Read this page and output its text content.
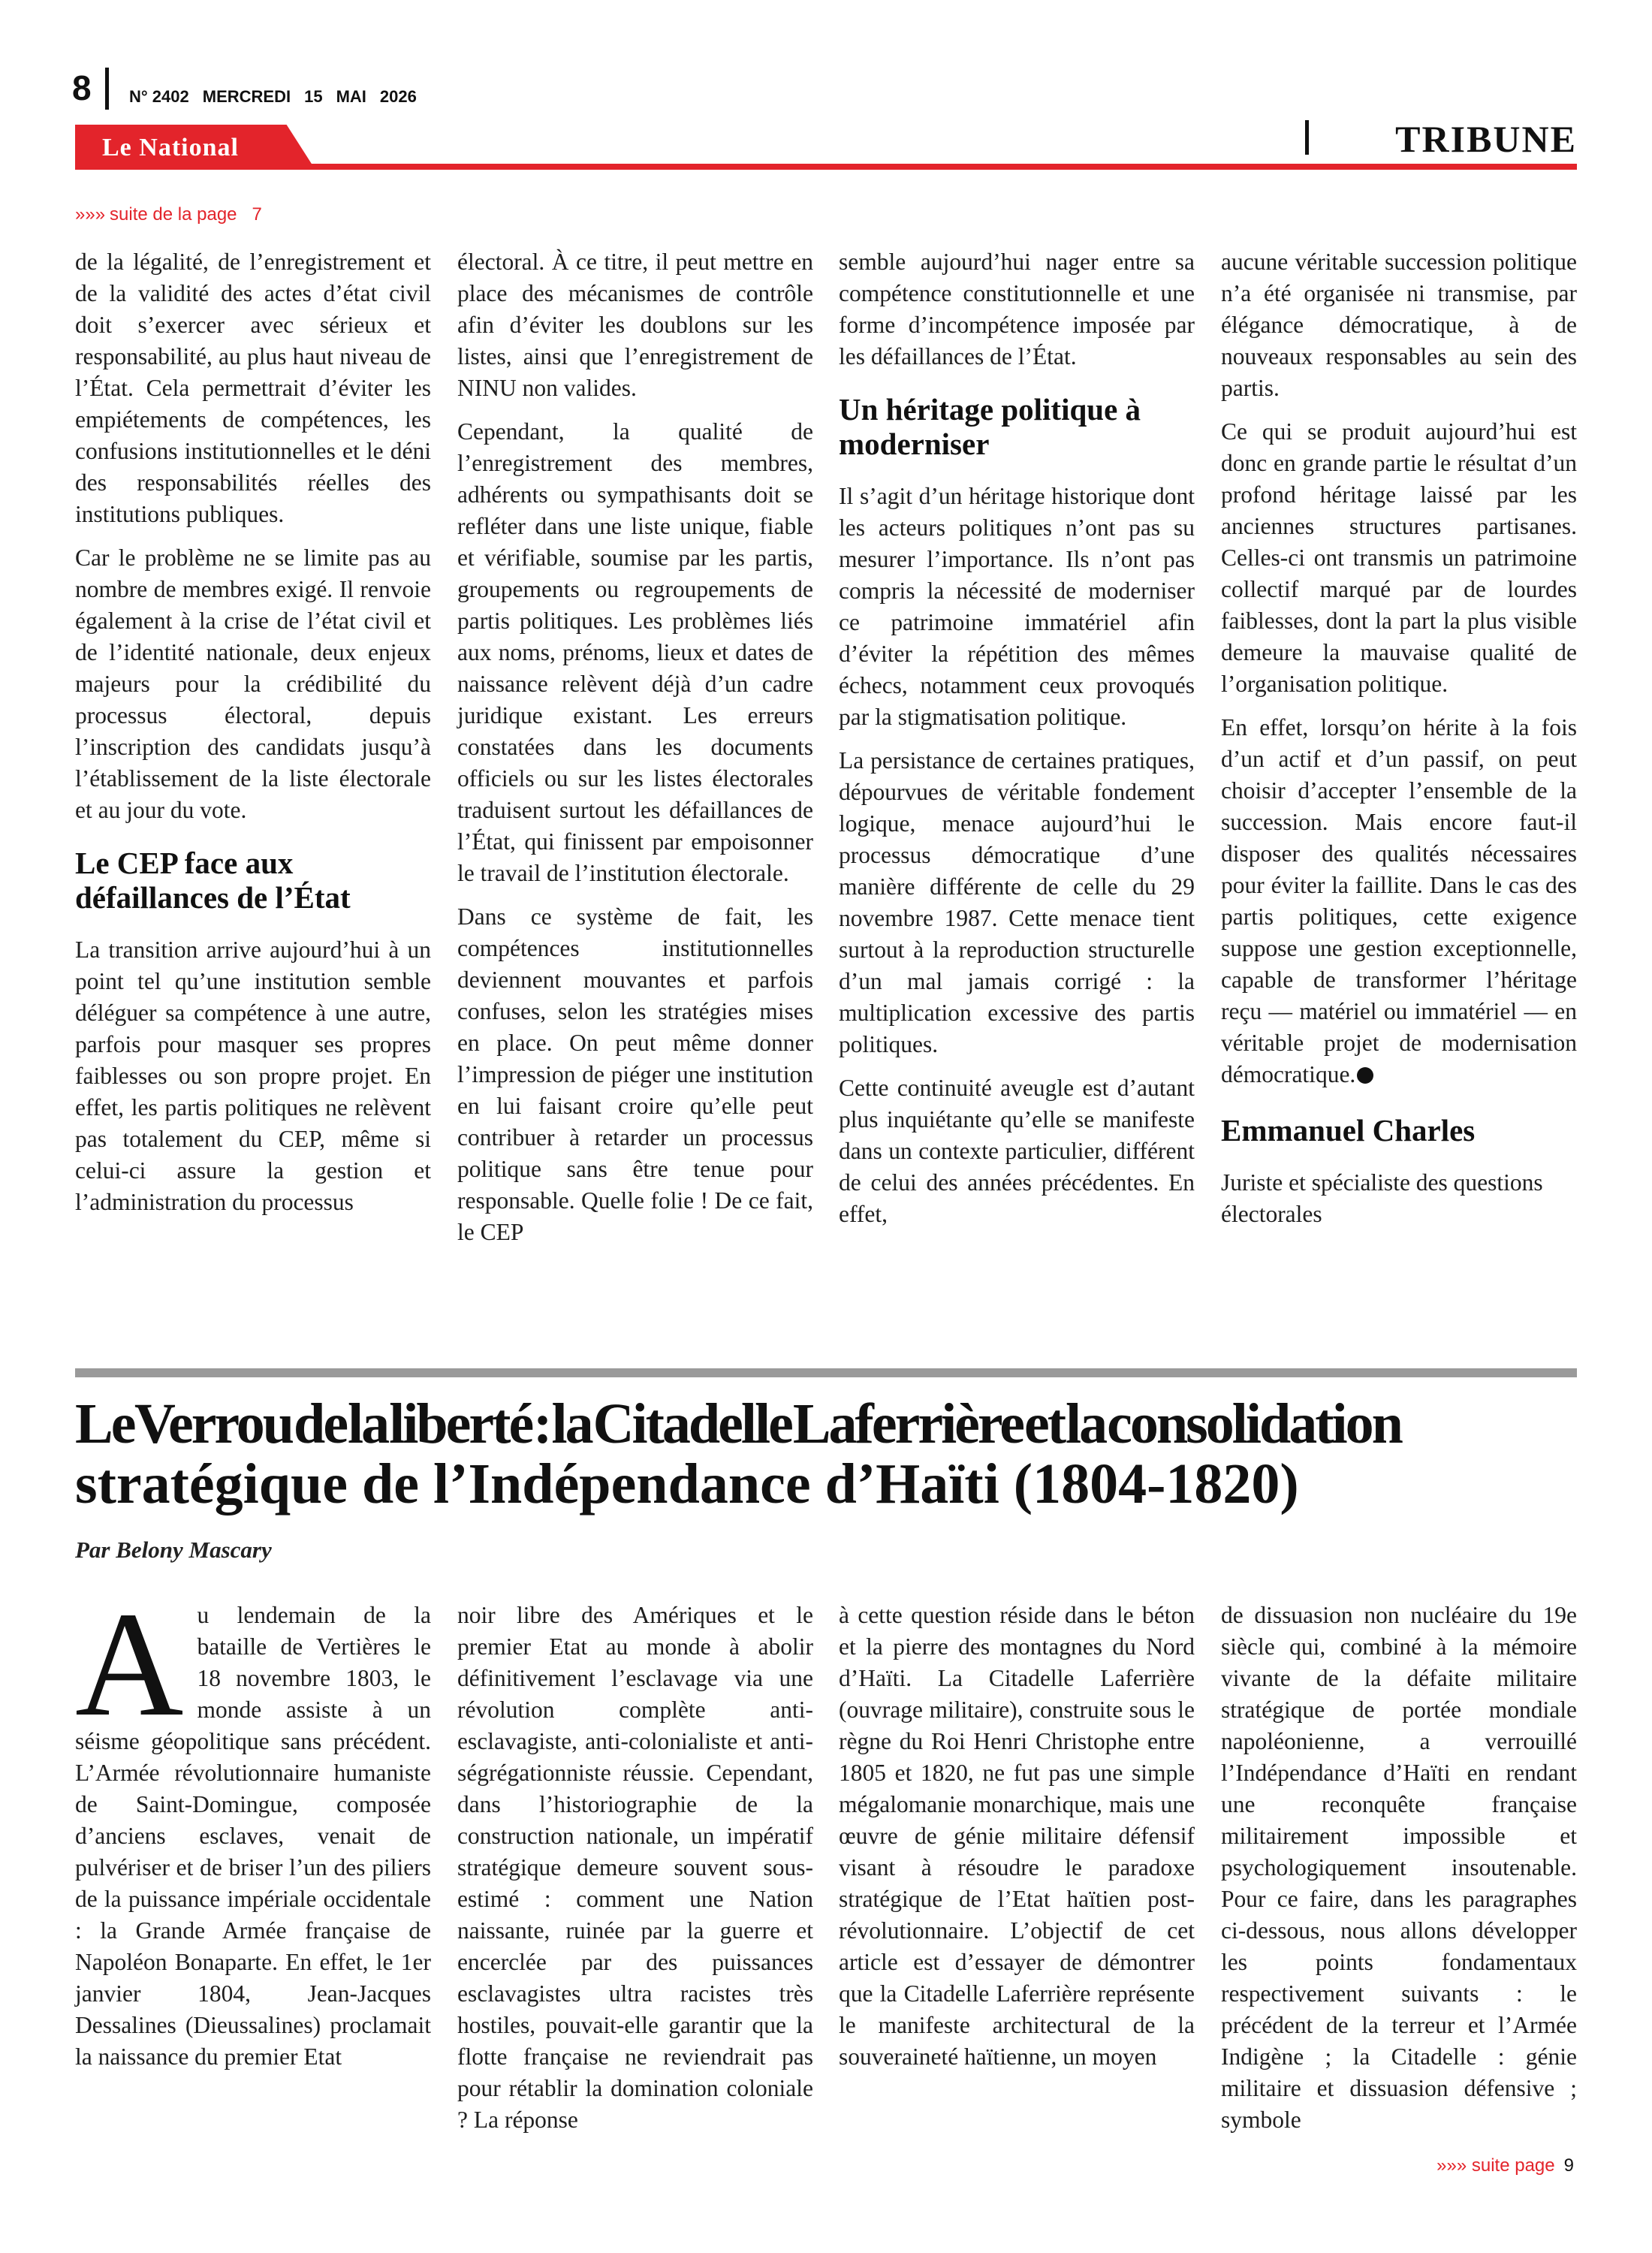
8 N° 2402 MERCREDI 15 MAI 2026
Le National	TRIBUNE
»»» suite de la page 7

de la légalité, de l’enregistrement et de la validité des actes d’état civil doit s’exercer avec sérieux et responsabilité, au plus haut niveau de l’État. Cela permettrait d’éviter les empiétements de compétences, les confusions institutionnelles et le déni des responsabilités réelles des institutions publiques.

Car le problème ne se limite pas au nombre de membres exigé. Il renvoie également à la crise de l’état civil et de l’identité nationale, deux enjeux majeurs pour la crédibilité du processus électoral, depuis l’inscription des candidats jusqu’à l’établissement de la liste électorale et au jour du vote.

Le CEP face aux défaillances de l’État

La transition arrive aujourd’hui à un point tel qu’une institution semble déléguer sa compétence à une autre, parfois pour masquer ses propres faiblesses ou son propre projet. En effet, les partis politiques ne relèvent pas totalement du CEP, même si celui-ci assure la gestion et l’administration du processus

électoral. À ce titre, il peut mettre en place des mécanismes de contrôle afin d’éviter les doublons sur les listes, ainsi que l’enregistrement de NINU non valides.

Cependant, la qualité de l’enregistrement des membres, adhérents ou sympathisants doit se refléter dans une liste unique, fiable et vérifiable, soumise par les partis, groupements ou regroupements de partis politiques. Les problèmes liés aux noms, prénoms, lieux et dates de naissance relèvent déjà d’un cadre juridique existant. Les erreurs constatées dans les documents officiels ou sur les listes électorales traduisent surtout les défaillances de l’État, qui finissent par empoisonner le travail de l’institution électorale.

Dans ce système de fait, les compétences institutionnelles deviennent mouvantes et parfois confuses, selon les stratégies mises en place. On peut même donner l’impression de piéger une institution en lui faisant croire qu’elle peut contribuer à retarder un processus politique sans être tenue pour responsable. Quelle folie ! De ce fait, le CEP

semble aujourd’hui nager entre sa compétence constitutionnelle et une forme d’incompétence imposée par les défaillances de l’État.

Un héritage politique à moderniser

Il s’agit d’un héritage historique dont les acteurs politiques n’ont pas su mesurer l’importance. Ils n’ont pas compris la nécessité de moderniser ce patrimoine immatériel afin d’éviter la répétition des mêmes échecs, notamment ceux provoqués par la stigmatisation politique.

La persistance de certaines pratiques, dépourvues de véritable fondement logique, menace aujourd’hui le processus démocratique d’une manière différente de celle du 29 novembre 1987. Cette menace tient surtout à la reproduction structurelle d’un mal jamais corrigé : la multiplication excessive des partis politiques.

Cette continuité aveugle est d’autant plus inquiétante qu’elle se manifeste dans un contexte particulier, différent de celui des années précédentes. En effet,

aucune véritable succession politique n’a été organisée ni transmise, par élégance démocratique, à de nouveaux responsables au sein des partis.

Ce qui se produit aujourd’hui est donc en grande partie le résultat d’un profond héritage laissé par les anciennes structures partisanes. Celles-ci ont transmis un patrimoine collectif marqué par de lourdes faiblesses, dont la part la plus visible demeure la mauvaise qualité de l’organisation politique.

En effet, lorsqu’on hérite à la fois d’un actif et d’un passif, on peut choisir d’accepter l’ensemble de la succession. Mais encore faut-il disposer des qualités nécessaires pour éviter la faillite. Dans le cas des partis politiques, cette exigence suppose une gestion exceptionnelle, capable de transformer l’héritage reçu — matériel ou immatériel — en véritable projet de modernisation démocratique.

Emmanuel Charles

Juriste et spécialiste des questions électorales

Le Verrou de la liberté : la Citadelle Laferrière et la consolidation
stratégique de l’Indépendance d’Haïti (1804-1820)
Par Belony Mascary
A u lendemain de la bataille de Vertières le 18 novembre 1803, le monde assiste à un séisme géopolitique sans précédent. L’Armée révolutionnaire humaniste de Saint-Domingue, composée d’anciens esclaves, venait de pulvériser et de briser l’un des piliers de la puissance impériale occidentale : la Grande Armée française de Napoléon Bonaparte. En effet, le 1er janvier 1804, Jean-Jacques Dessalines (Dieussalines) proclamait la naissance du premier Etat

noir libre des Amériques et le premier Etat au monde à abolir définitivement l’esclavage via une révolution complète anti-esclavagiste, anti-colonialiste et anti-ségrégationniste réussie. Cependant, dans l’historiographie de la construction nationale, un impératif stratégique demeure souvent sous-estimé : comment une Nation naissante, ruinée par la guerre et encerclée par des puissances esclavagistes ultra racistes très hostiles, pouvait-elle garantir que la flotte française ne reviendrait pas pour rétablir la domination coloniale ? La réponse

à cette question réside dans le béton et la pierre des montagnes du Nord d’Haïti. La Citadelle Laferrière (ouvrage militaire), construite sous le règne du Roi Henri Christophe entre 1805 et 1820, ne fut pas une simple mégalomanie monarchique, mais une œuvre de génie militaire défensif visant à résoudre le paradoxe stratégique de l’Etat haïtien post-révolutionnaire. L’objectif de cet article est d’essayer de démontrer que la Citadelle Laferrière représente le manifeste architectural de la souveraineté haïtienne, un moyen

de dissuasion non nucléaire du 19e siècle qui, combiné à la mémoire vivante de la défaite militaire stratégique de portée mondiale napoléonienne, a verrouillé l’Indépendance d’Haïti en rendant une reconquête française militairement impossible et psychologiquement insoutenable. Pour ce faire, dans les paragraphes ci-dessous, nous allons développer les points fondamentaux respectivement suivants : le précédent de la terreur et l’Armée Indigène ; la Citadelle : génie militaire et dissuasion défensive ; symbole

»»» suite page 9
